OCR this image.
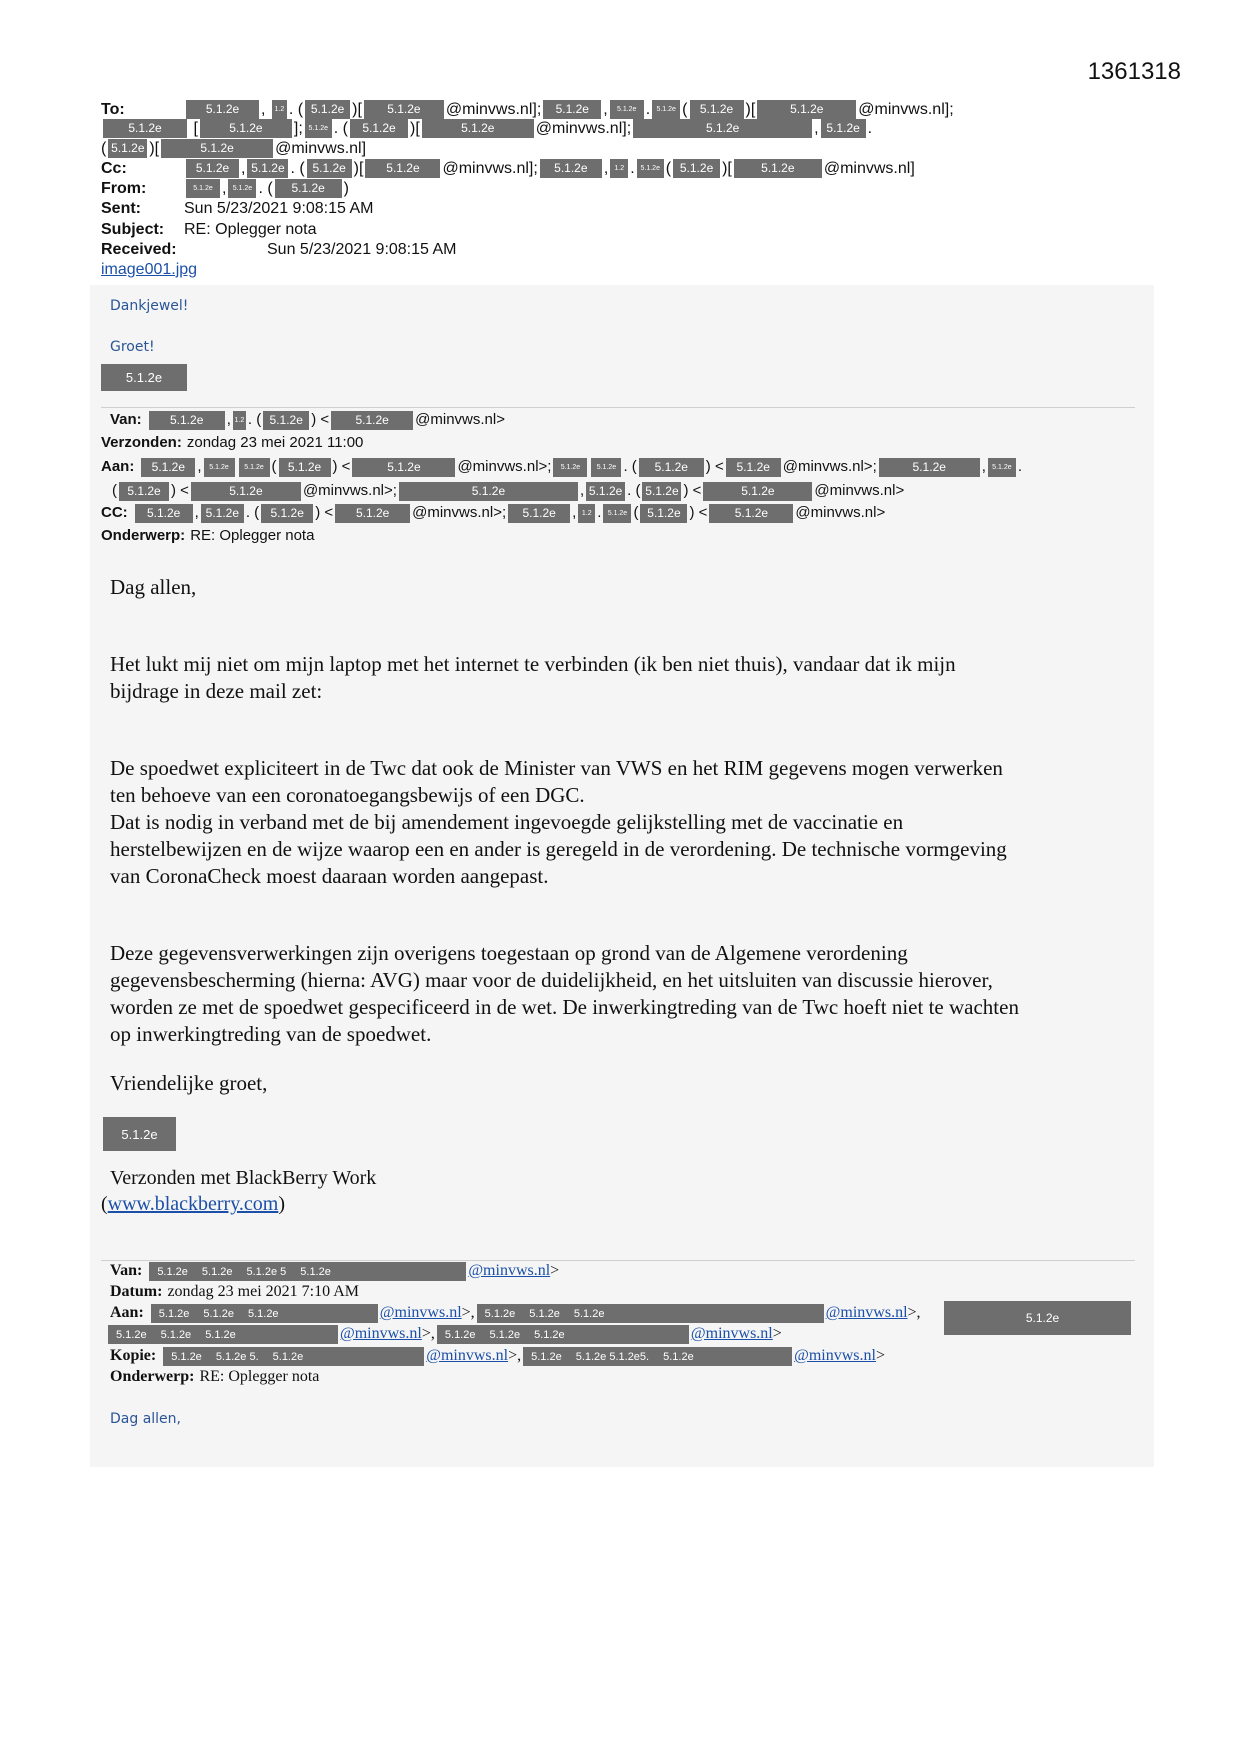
1361318
To:	5.1.2e , 1.2 . ( 5.1.2e )[ 5.1.2e @minvws.nl]; 5.1.2e , 5.1.2e . 5.1.2e ( 5.1.2e )[	5.1.2e @minvws.nl];
5.1.2e [	5.1.2e ]; 5.1.2e . ( 5.1.2e )[	5.1.2e	@minvws.nl];	5.1.2e	, 5.1.2e .
( 5.1.2e )[	5.1.2e	@minvws.nl]
Cc:	5.1.2e , 5.1.2e . ( 5.1.2e )[ 5.1.2e @minvws.nl]; 5.1.2e , 1.2 . 5.1.2e ( 5.1.2e )[ 5.1.2e @minvws.nl]
From:	5.1.2e , 5.1.2e . ( 5.1.2e )
Sent:	Sun 5/23/2021 9:08:15 AM
Subject: RE: Oplegger nota
Received:	Sun 5/23/2021 9:08:15 AM
image001.jpg
Dankjewel!
Groet!
5.1.2e
Van: 5.1.2e , 1.2 . ( 5.1.2e ) < 5.1.2e @minvws.nl>
Verzonden: zondag 23 mei 2021 11:00
Aan: 5.1.2e , 5.1.2e 5.1.2e ( 5.1.2e ) <	5.1.2e @minvws.nl>; 5.1.2e 5.1.2e . ( 5.1.2e ) < 5.1.2e @minvws.nl>;	5.1.2e , 5.1.2e .
( 5.1.2e ) <	5.1.2e	@minvws.nl>;	5.1.2e	, 5.1.2e . ( 5.1.2e ) <	5.1.2e	@minvws.nl>
CC: 5.1.2e , 5.1.2e . ( 5.1.2e ) < 5.1.2e @minvws.nl>; 5.1.2e , 1.2 . 5.1.2e ( 5.1.2e ) < 5.1.2e @minvws.nl>
Onderwerp: RE: Oplegger nota
Dag allen,
Het lukt mij niet om mijn laptop met het internet te verbinden (ik ben niet thuis), vandaar dat ik mijn
bijdrage in deze mail zet:
De spoedwet expliciteert in de Twc dat ook de Minister van VWS en het RIM gegevens mogen verwerken
ten behoeve van een coronatoegangsbewijs of een DGC.
Dat is nodig in verband met de bij amendement ingevoegde gelijkstelling met de vaccinatie en
herstelbewijzen en de wijze waarop een en ander is geregeld in de verordening. De technische vormgeving
van CoronaCheck moest daaraan worden aangepast.
Deze gegevensverwerkingen zijn overigens toegestaan op grond van de Algemene verordening
gegevensbescherming (hierna: AVG) maar voor de duidelijkheid, en het uitsluiten van discussie hierover,
worden ze met de spoedwet gespecificeerd in de wet. De inwerkingtreding van de Twc hoeft niet te wachten
op inwerkingtreding van de spoedwet.
Vriendelijke groet,
5.1.2e
Verzonden met BlackBerry Work
(www.blackberry.com)
Van: 5.1.2e 5.1.2e 5.1.2e 5 5.1.2e	@minvws.nl>
Datum: zondag 23 mei 2021 7:10 AM
Aan: 5.1.2e 5.1.2e 5.1.2e	@minvws.nl>, 5.1.2e 5.1.2e 5.1.2e	@minvws.nl>,	5.1.2e
5.1.2e 5.1.2e 5.1.2e	@minvws.nl>, 5.1.2e 5.1.2e 5.1.2e	@minvws.nl>
Kopie: 5.1.2e 5.1.2e 5. 5.1.2e	@minvws.nl>, 5.1.2e 5.1.2e 5.1.2e5. 5.1.2e	@minvws.nl>
Onderwerp: RE: Oplegger nota
Dag allen,
